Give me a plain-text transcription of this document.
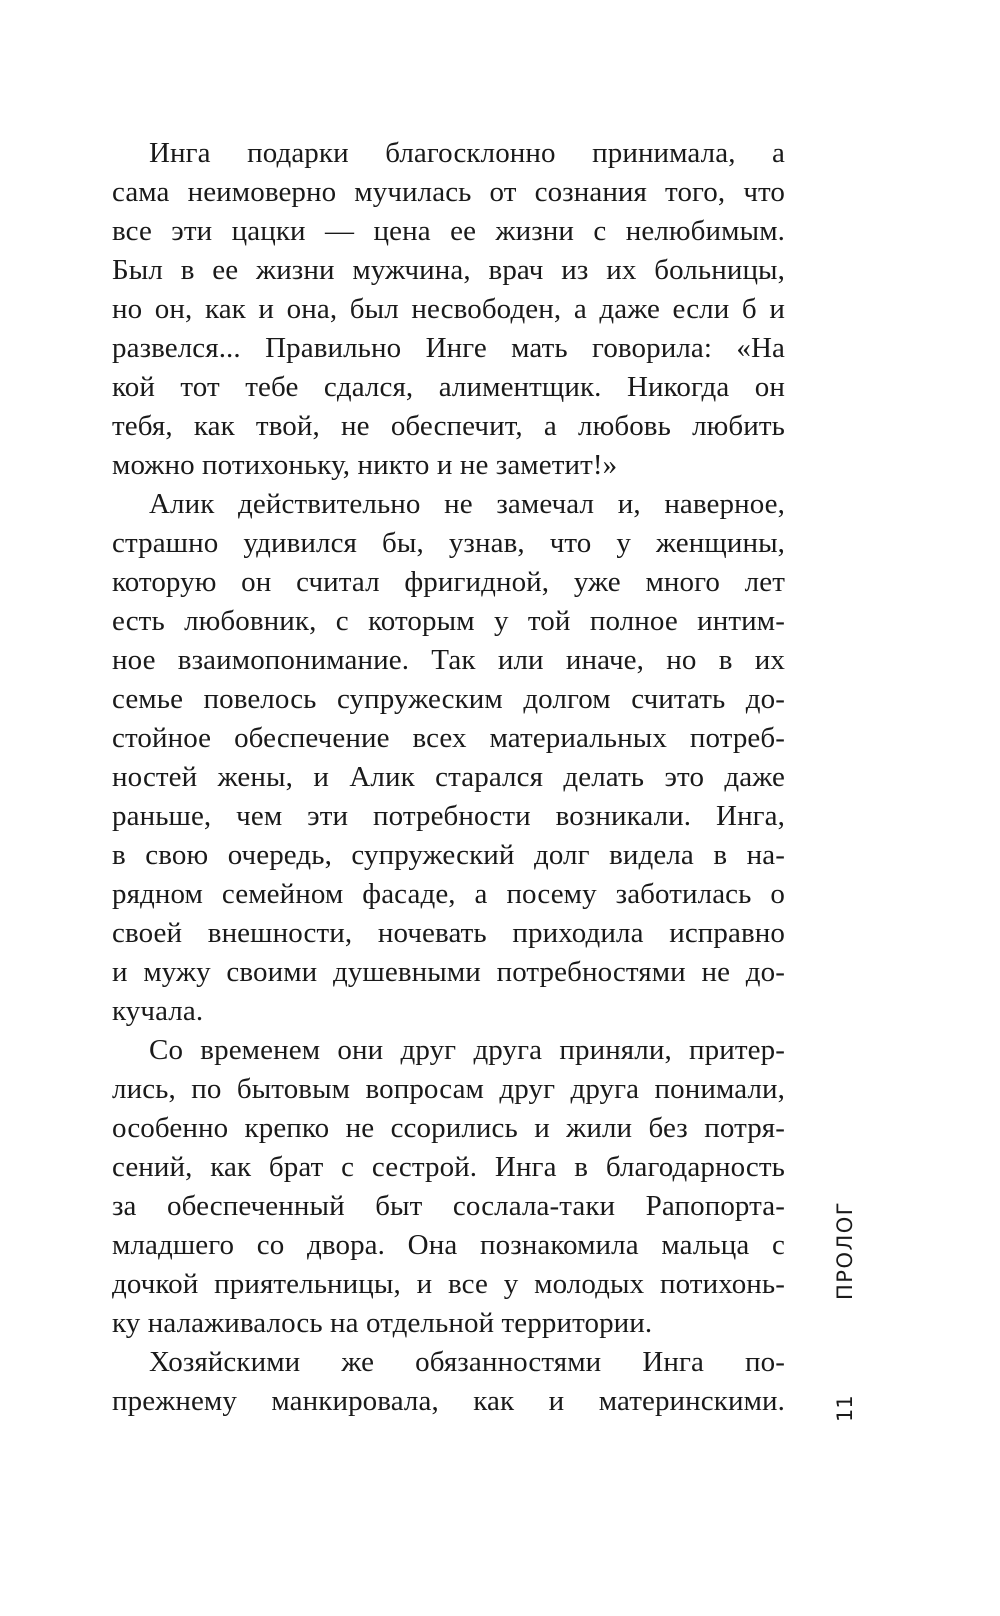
Инга подарки благосклонно принимала, а
сама неимоверно мучилась от сознания того, что
все эти цацки — цена ее жизни с нелюбимым.
Был в ее жизни мужчина, врач из их больницы,
но он, как и она, был несвободен, а даже если б и
развелся... Правильно Инге мать говорила: «На
кой тот тебе сдался, алиментщик. Никогда он
тебя, как твой, не обеспечит, а любовь любить
можно потихоньку, никто и не заметит!»
Алик действительно не замечал и, наверное,
страшно удивился бы, узнав, что у женщины,
которую он считал фригидной, уже много лет
есть любовник, с которым у той полное интим-
ное взаимопонимание. Так или иначе, но в их
семье повелось супружеским долгом считать до-
стойное обеспечение всех материальных потреб-
ностей жены, и Алик старался делать это даже
раньше, чем эти потребности возникали. Инга,
в свою очередь, супружеский долг видела в на-
рядном семейном фасаде, а посему заботилась о
своей внешности, ночевать приходила исправно
и мужу своими душевными потребностями не до-
кучала.
Со временем они друг друга приняли, притер-
лись, по бытовым вопросам друг друга понимали,
особенно крепко не ссорились и жили без потря-
сений, как брат с сестрой. Инга в благодарность
за обеспеченный быт сослала-таки Рапопорта-
младшего со двора. Она познакомила мальца с
дочкой приятельницы, и все у молодых потихонь-
ку налаживалось на отдельной территории.
Хозяйскими же обязанностями Инга по-
прежнему манкировала, как и материнскими.
ПРОЛОГ
11
